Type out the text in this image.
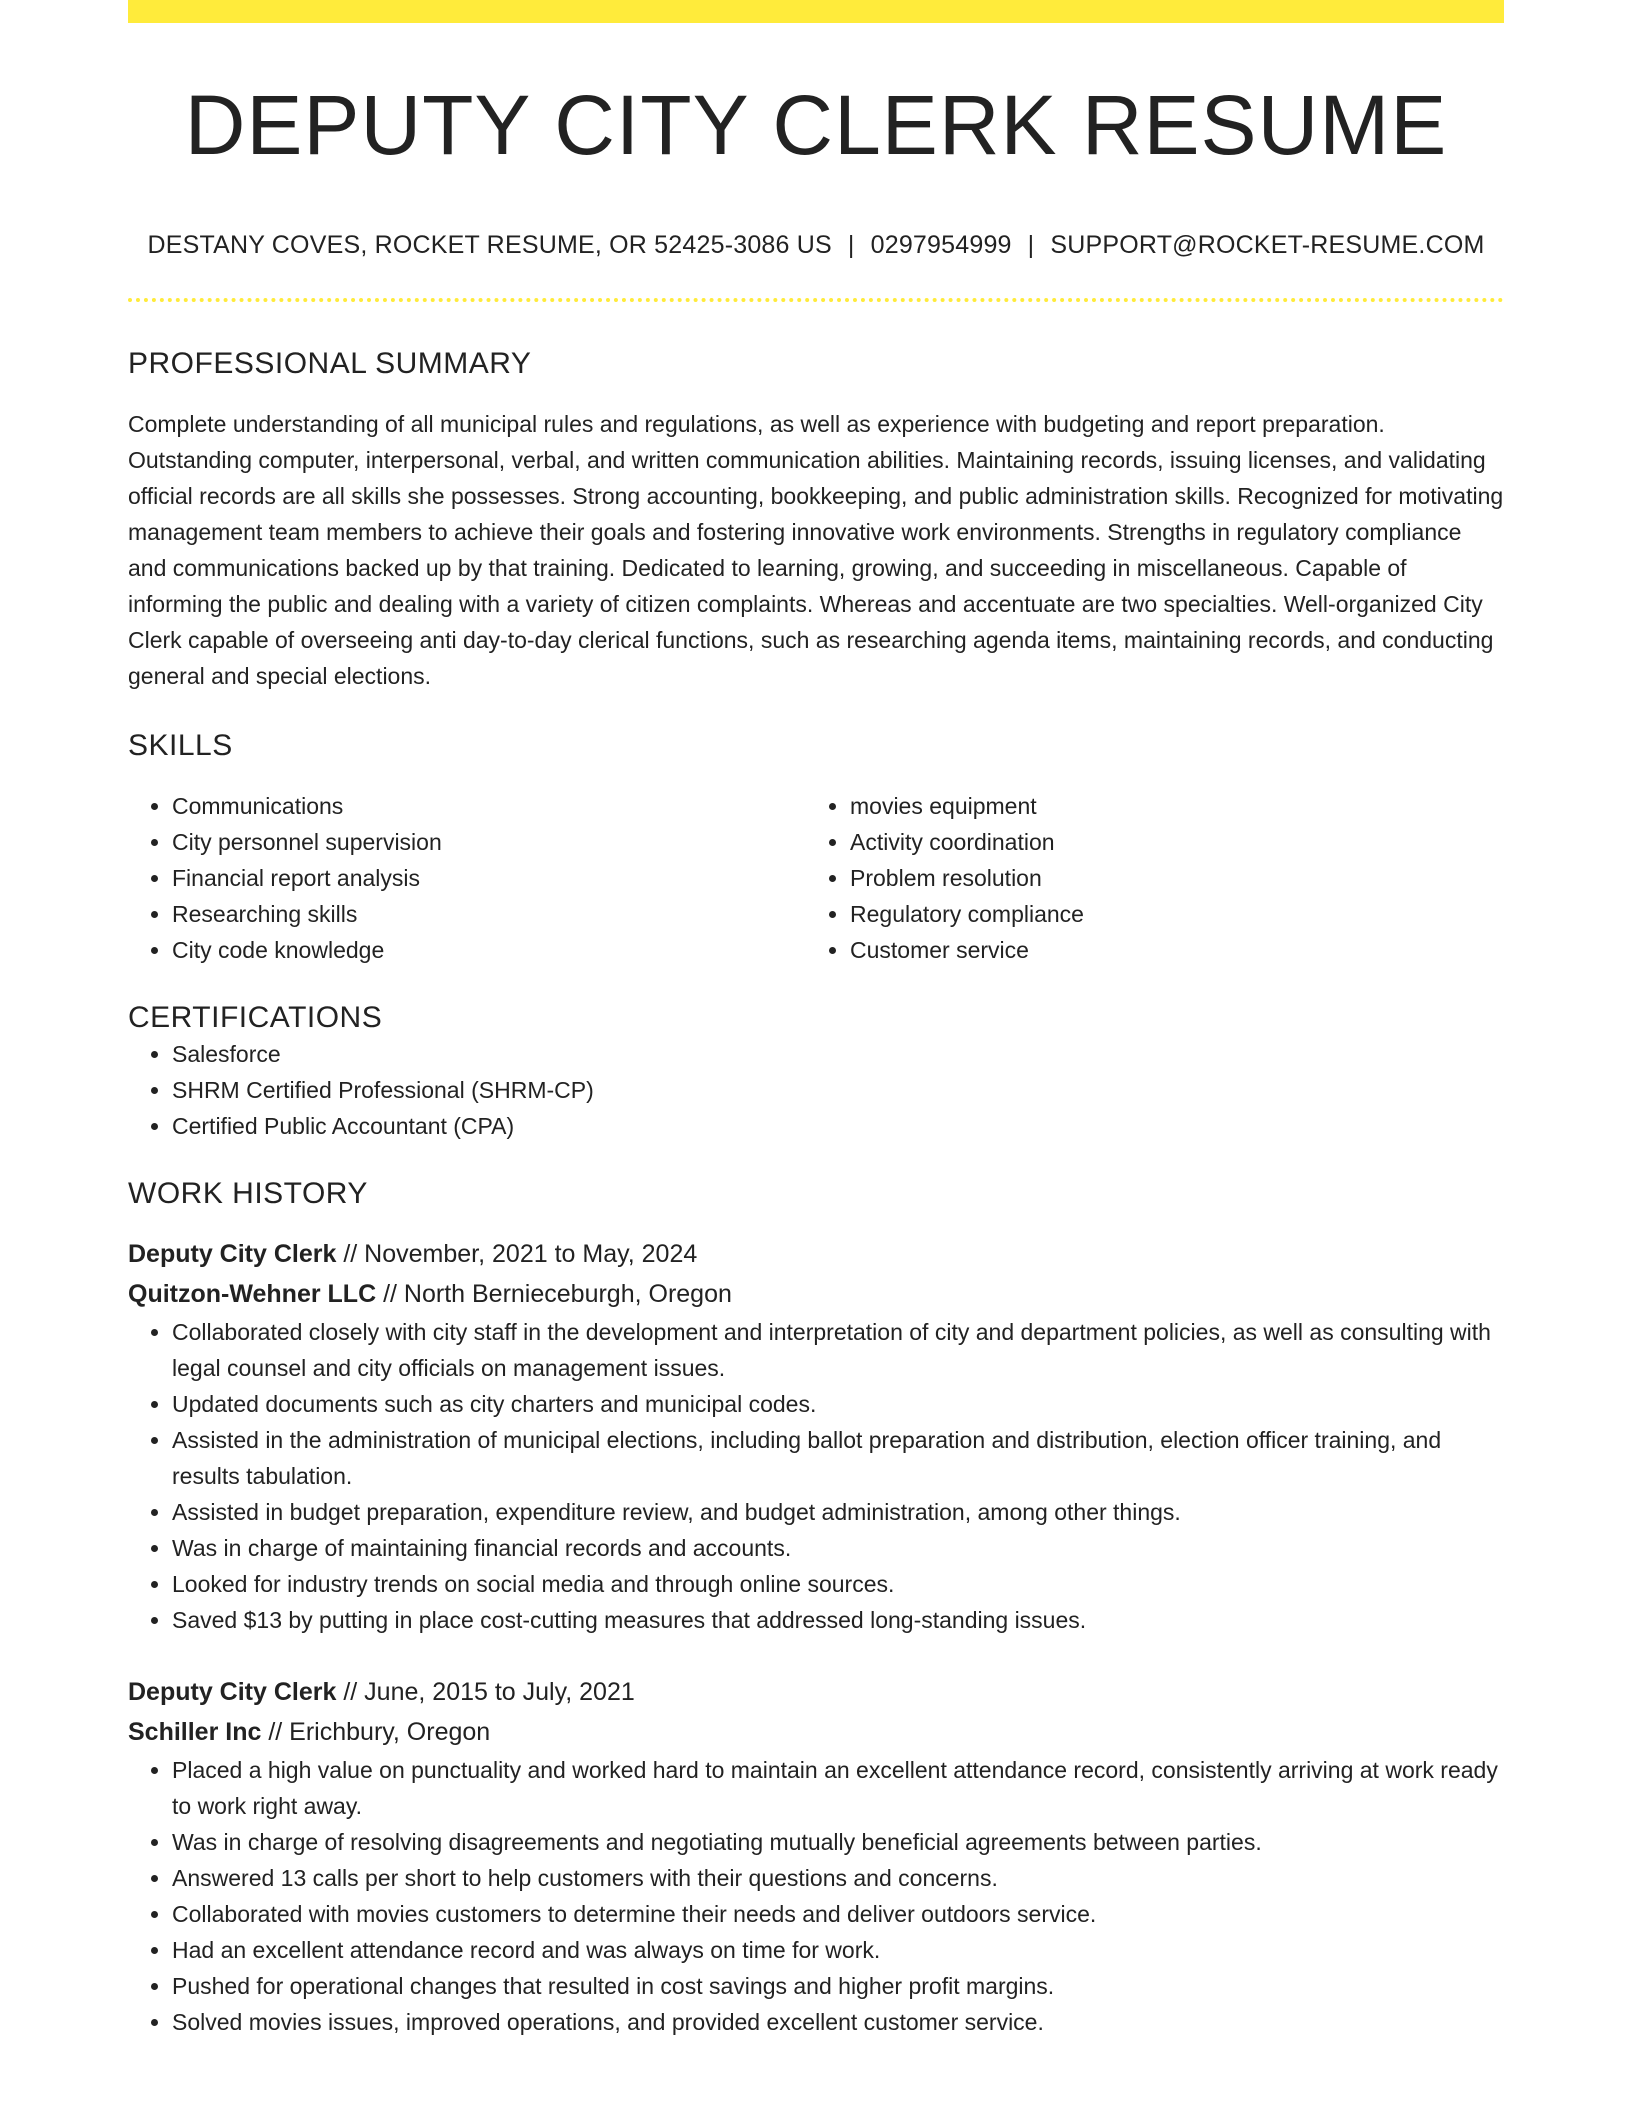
DEPUTY CITY CLERK RESUME
DESTANY COVES, ROCKET RESUME, OR 52425-3086 US | 0297954999 | SUPPORT@ROCKET-RESUME.COM
PROFESSIONAL SUMMARY

Complete understanding of all municipal rules and regulations, as well as experience with budgeting and report preparation. Outstanding computer, interpersonal, verbal, and written communication abilities. Maintaining records, issuing licenses, and validating official records are all skills she possesses. Strong accounting, bookkeeping, and public administration skills. Recognized for motivating management team members to achieve their goals and fostering innovative work environments. Strengths in regulatory compliance and communications backed up by that training. Dedicated to learning, growing, and succeeding in miscellaneous. Capable of informing the public and dealing with a variety of citizen complaints. Whereas and accentuate are two specialties. Well-organized City Clerk capable of overseeing anti day-to-day clerical functions, such as researching agenda items, maintaining records, and conducting general and special elections.

SKILLS
• Communications
• City personnel supervision
• Financial report analysis
• Researching skills
• City code knowledge
• movies equipment
• Activity coordination
• Problem resolution
• Regulatory compliance
• Customer service
CERTIFICATIONS
• Salesforce
• SHRM Certified Professional (SHRM-CP)
• Certified Public Accountant (CPA)
WORK HISTORY
Deputy City Clerk // November, 2021 to May, 2024
Quitzon-Wehner LLC // North Bernieceburgh, Oregon
• Collaborated closely with city staff in the development and interpretation of city and department policies, as well as consulting with legal counsel and city officials on management issues.
• Updated documents such as city charters and municipal codes.
• Assisted in the administration of municipal elections, including ballot preparation and distribution, election officer training, and results tabulation.
• Assisted in budget preparation, expenditure review, and budget administration, among other things.
• Was in charge of maintaining financial records and accounts.
• Looked for industry trends on social media and through online sources.
• Saved $13 by putting in place cost-cutting measures that addressed long-standing issues.
Deputy City Clerk // June, 2015 to July, 2021
Schiller Inc // Erichbury, Oregon
• Placed a high value on punctuality and worked hard to maintain an excellent attendance record, consistently arriving at work ready to work right away.
• Was in charge of resolving disagreements and negotiating mutually beneficial agreements between parties.
• Answered 13 calls per short to help customers with their questions and concerns.
• Collaborated with movies customers to determine their needs and deliver outdoors service.
• Had an excellent attendance record and was always on time for work.
• Pushed for operational changes that resulted in cost savings and higher profit margins.
• Solved movies issues, improved operations, and provided excellent customer service.
